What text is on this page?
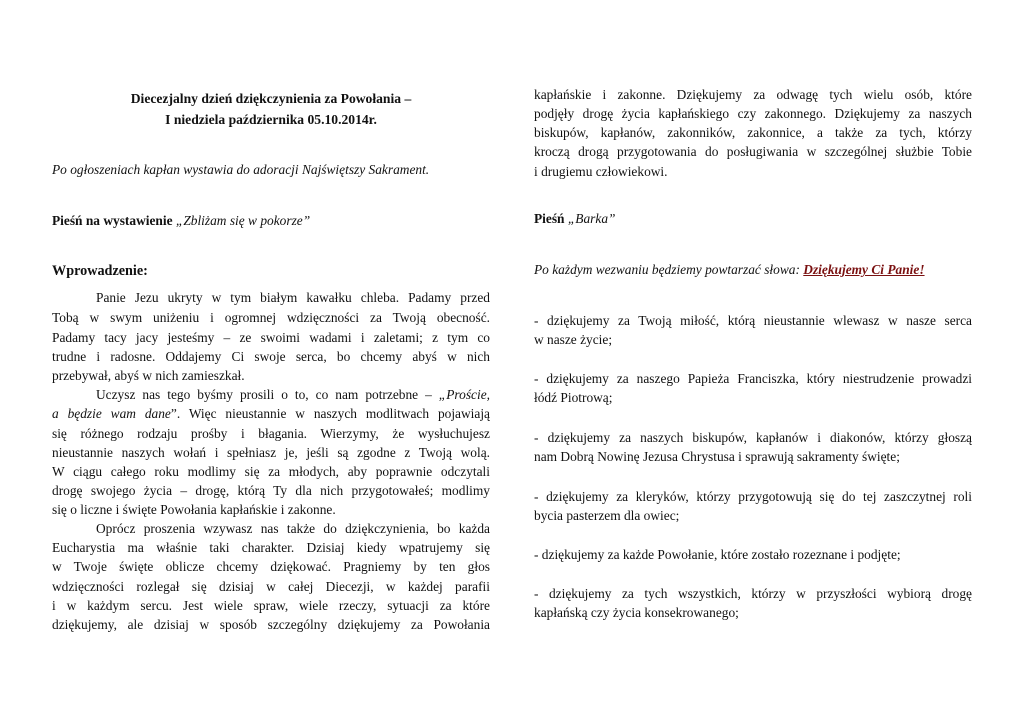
Diecezjalny dzień dziękczynienia za Powołania –

I niedziela października 05.10.2014r.

Po ogłoszeniach kapłan wystawia do adoracji Najświętszy Sakrament.

Pieśń na wystawienie „Zbliżam się w pokorze”

Wprowadzenie:

Panie Jezu ukryty w tym białym kawałku chleba. Padamy przed

Tobą w swym uniżeniu i ogromnej wdzięczności za Twoją obecność.

Padamy tacy jacy jesteśmy – ze swoimi wadami i zaletami; z tym co

trudne i radosne. Oddajemy Ci swoje serca, bo chcemy abyś w nich

przebywał, abyś w nich zamieszkał.

Uczysz nas tego byśmy prosili o to, co nam potrzebne – „Proście,

a będzie wam dane”. Więc nieustannie w naszych modlitwach pojawiają

się różnego rodzaju prośby i błagania. Wierzymy, że wysłuchujesz

nieustannie naszych wołań i spełniasz je, jeśli są zgodne z Twoją wolą.

W ciągu całego roku modlimy się za młodych, aby poprawnie odczytali

drogę swojego życia – drogę, którą Ty dla nich przygotowałeś; modlimy

się o liczne i święte Powołania kapłańskie i zakonne.

Oprócz proszenia wzywasz nas także do dziękczynienia, bo każda

Eucharystia ma właśnie taki charakter. Dzisiaj kiedy wpatrujemy się

w Twoje święte oblicze chcemy dziękować. Pragniemy by ten głos

wdzięczności rozlegał się dzisiaj w całej Diecezji, w każdej parafii

i w każdym sercu. Jest wiele spraw, wiele rzeczy, sytuacji za które

dziękujemy, ale dzisiaj w sposób szczególny dziękujemy za Powołania

kapłańskie i zakonne. Dziękujemy za odwagę tych wielu osób, które

podjęły drogę życia kapłańskiego czy zakonnego. Dziękujemy za naszych

biskupów, kapłanów, zakonników, zakonnice, a także za tych, którzy

kroczą drogą przygotowania do posługiwania w szczególnej służbie Tobie

i drugiemu człowiekowi.

Pieśń „Barka”

Po każdym wezwaniu będziemy powtarzać słowa: Dziękujemy Ci Panie!

- dziękujemy za Twoją miłość, którą nieustannie wlewasz w nasze serca

w nasze życie;

- dziękujemy za naszego Papieża Franciszka, który niestrudzenie prowadzi

łódź Piotrową;

- dziękujemy za naszych biskupów, kapłanów i diakonów, którzy głoszą

nam Dobrą Nowinę Jezusa Chrystusa i sprawują sakramenty święte;

- dziękujemy za kleryków, którzy przygotowują się do tej zaszczytnej roli

bycia pasterzem dla owiec;

- dziękujemy za każde Powołanie, które zostało rozeznane i podjęte;

- dziękujemy za tych wszystkich, którzy w przyszłości wybiorą drogę

kapłańską czy życia konsekrowanego;
